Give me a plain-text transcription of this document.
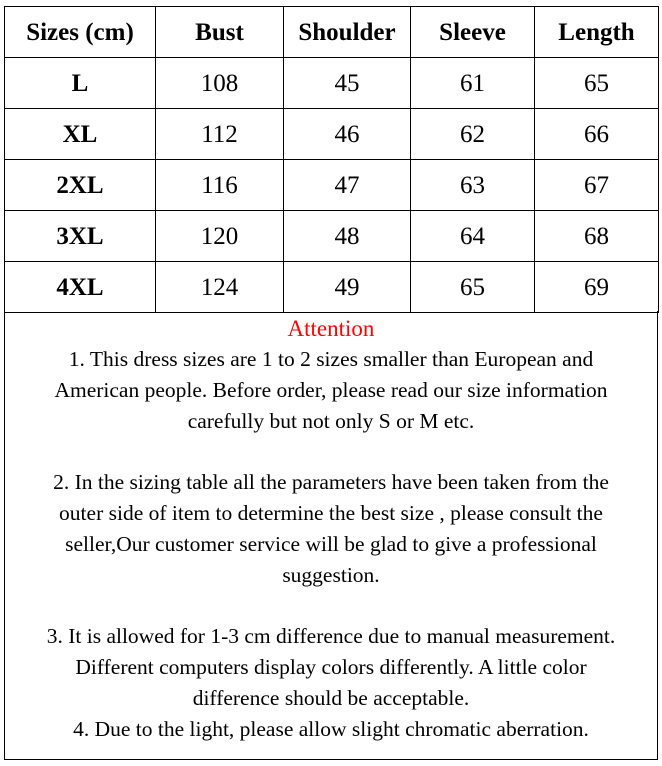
Sizes (cm)	Bust	Shoulder	Sleeve	Length
L	108	45	61	65
XL	112	46	62	66
2XL	116	47	63	67
3XL	120	48	64	68
4XL	124	49	65	69
Attention
1. This dress sizes are 1 to 2 sizes smaller than European and
American people. Before order, please read our size information
carefully but not only S or M etc.
2. In the sizing table all the parameters have been taken from the
outer side of item to determine the best size , please consult the
seller,Our customer service will be glad to give a professional
suggestion.
3. It is allowed for 1-3 cm difference due to manual measurement.
Different computers display colors differently. A little color
difference should be acceptable.
4. Due to the light, please allow slight chromatic aberration.
